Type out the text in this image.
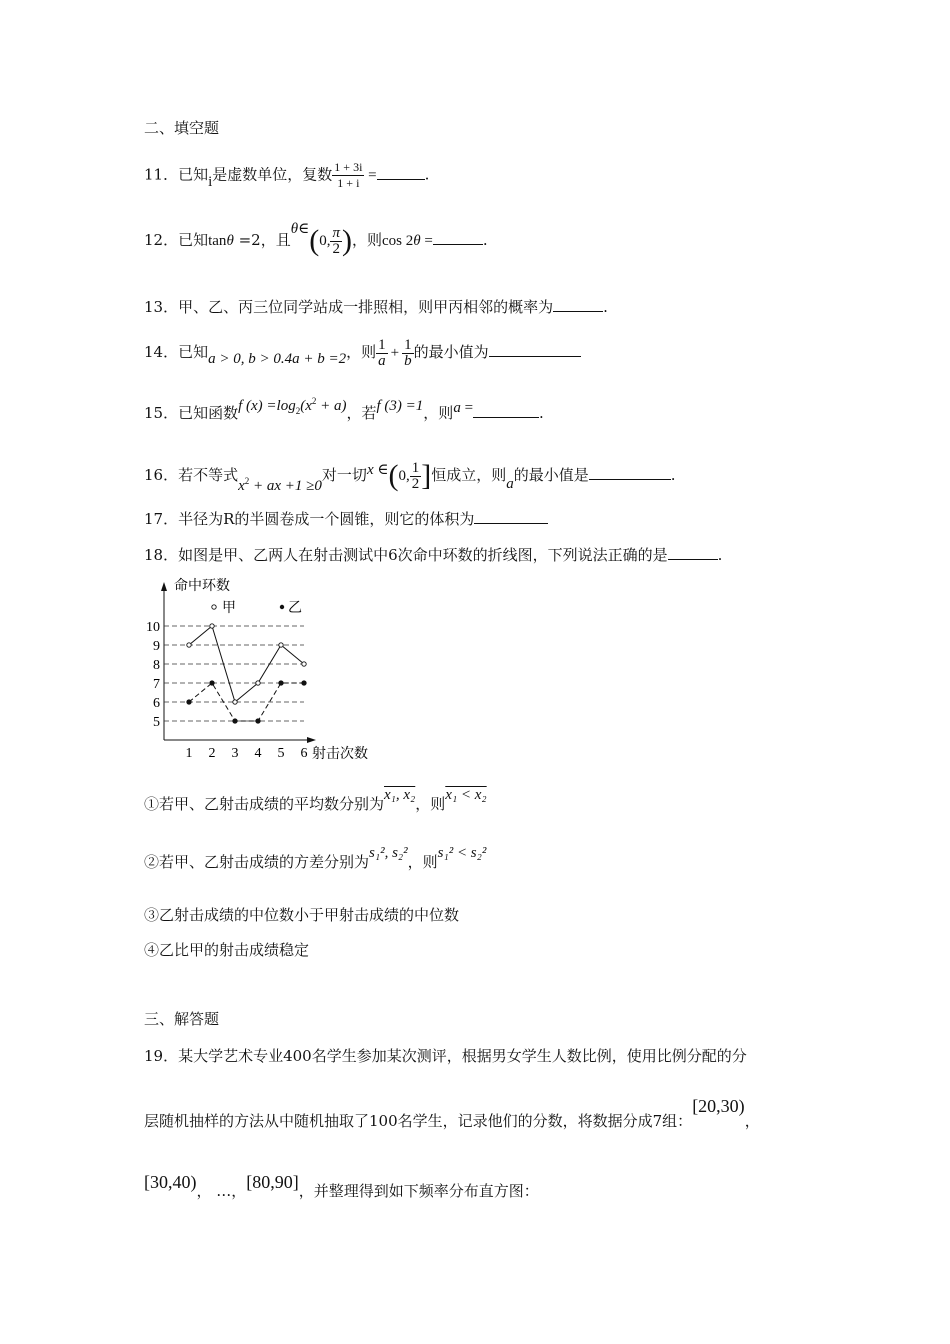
二、填空题
11．已知i是虚数单位，复数 $\frac{1 + 3i}{1 + i}$ =	.
12．已知tanθ =2，且θ∈(0, $\frac{\pi}{2}$ )，则cos 2θ =	.
13．甲、乙、丙三位同学站成一排照相，则甲丙相邻的概率为	.
14．已知a > 0, b > 0.4a + b =2，则 $\frac{1}{a} + \frac{1}{b}$ 的最小值为
15．已知函数f $(x) =\log_2(x^2 + a)$，若f (3) =1，则a =	.
16．若不等式$x^2$ + ax +1 ≥0对一切x ∈(0, $\frac{1}{2}$ ]恒成立，则a的最小值是	.
17．半径为R的半圆卷成一个圆锥，则它的体积为
18．如图是甲、乙两人在射击测试中6次命中环数的折线图，下列说法正确的是	.
命中环数
甲	乙
射击次数
5
6
7
8
9
10
1 2 3 4 5 6
①若甲、乙射击成绩的平均数分别为x₁, x₂，则x₁ < x₂
②若甲、乙射击成绩的方差分别为s₁², s₂²，则s₁² < s₂²
③乙射击成绩的中位数小于甲射击成绩的中位数
④乙比甲的射击成绩稳定
三、解答题
19．某大学艺术专业400名学生参加某次测评，根据男女学生人数比例，使用比例分配的分
层随机抽样的方法从中随机抽取了100名学生，记录他们的分数，将数据分成7组：[20,30)，
[30,40)， …，[80,90]，并整理得到如下频率分布直方图：
